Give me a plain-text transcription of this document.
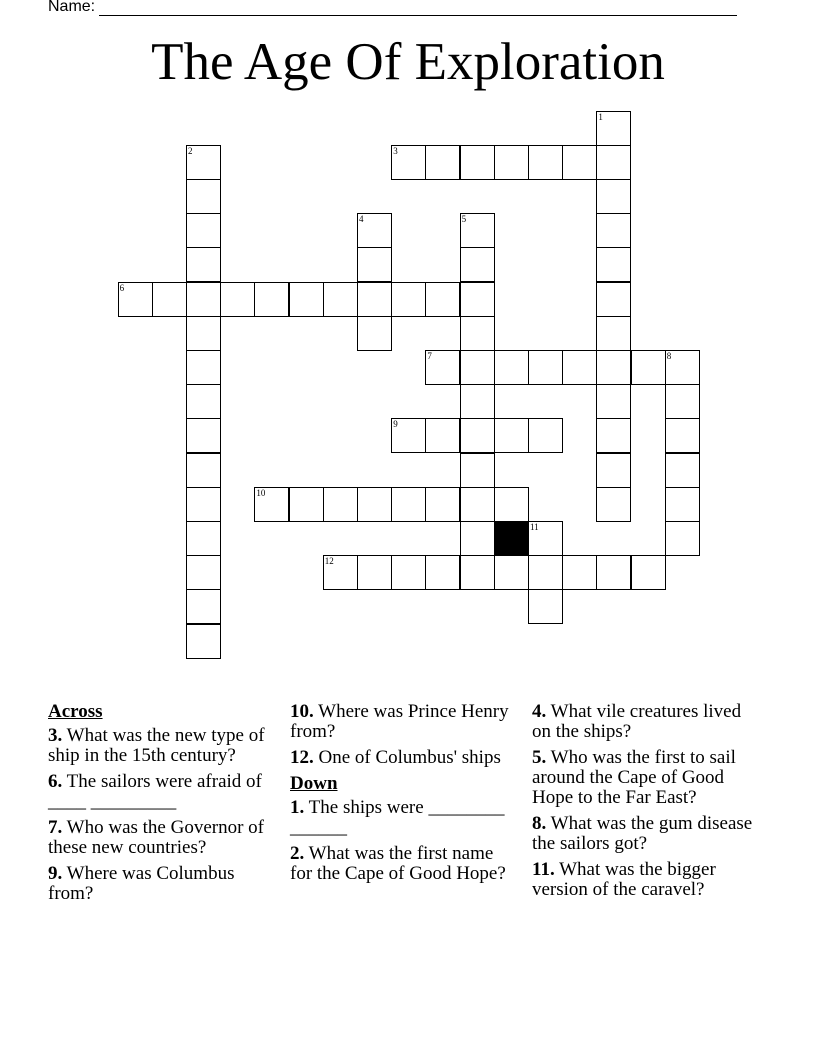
Name:
The Age Of Exploration
1
2	3
4	5
6
7	8
9
10
11
12
Across
3. What was the new type of ship in the 15th century?
6. The sailors were afraid of ____ _________
7. Who was the Governor of these new countries?
9. Where was Columbus from?
10. Where was Prince Henry from?
12. One of Columbus' ships
Down
1. The ships were ________ ______
2. What was the first name for the Cape of Good Hope?
4. What vile creatures lived on the ships?
5. Who was the first to sail around the Cape of Good Hope to the Far East?
8. What was the gum disease the sailors got?
11. What was the bigger version of the caravel?
